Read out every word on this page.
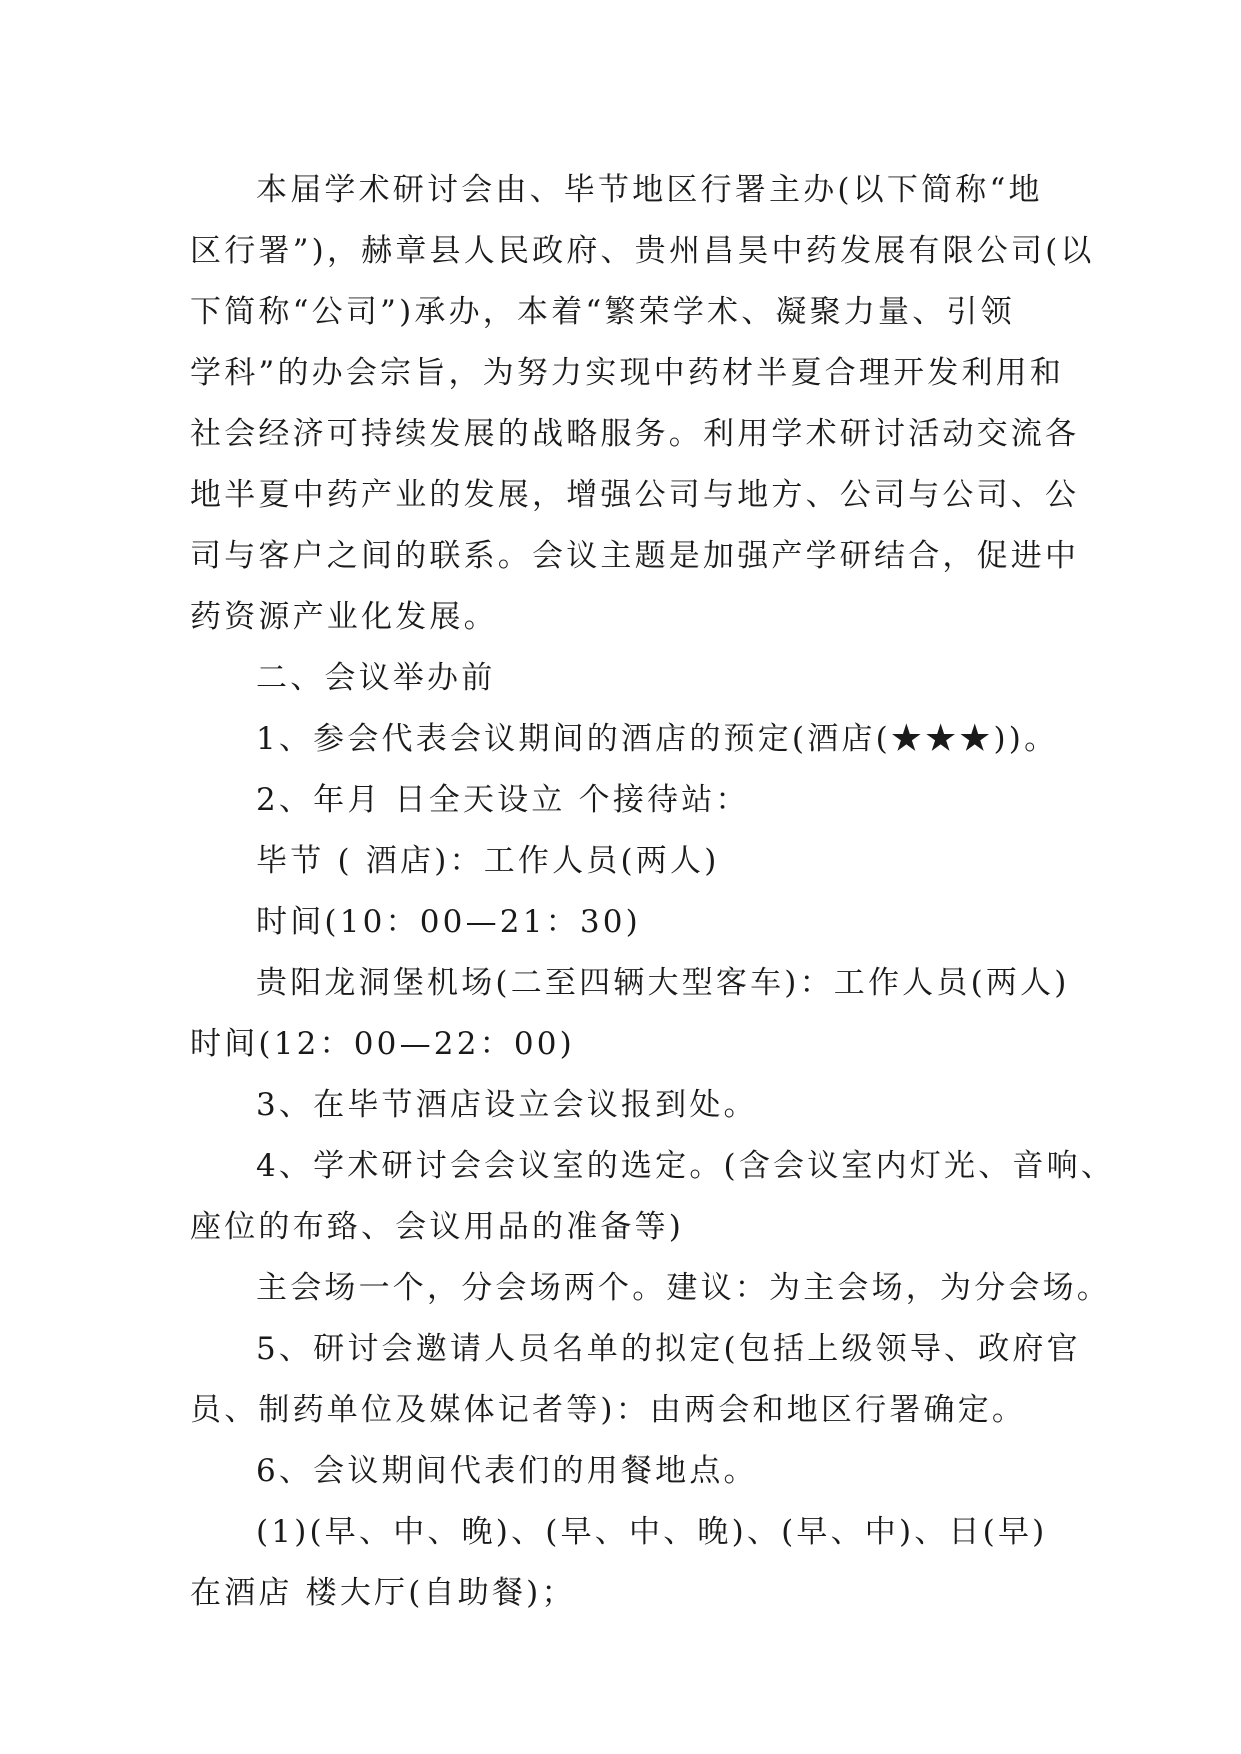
本届学术研讨会由、毕节地区行署主办(以下简称“地
区行署”)，赫章县人民政府、贵州昌昊中药发展有限公司(以
下简称“公司”)承办，本着“繁荣学术、凝聚力量、引领
学科”的办会宗旨，为努力实现中药材半夏合理开发利用和
社会经济可持续发展的战略服务。利用学术研讨活动交流各
地半夏中药产业的发展，增强公司与地方、公司与公司、公
司与客户之间的联系。会议主题是加强产学研结合，促进中
药资源产业化发展。
二、会议举办前
1、参会代表会议期间的酒店的预定(酒店(★★★))。
2、年月 日全天设立 个接待站：
毕节 ( 酒店)：工作人员(两人)
时间(10：00—21：30)
贵阳龙洞堡机场(二至四辆大型客车)：工作人员(两人)
时间(12：00—22：00)
3、在毕节酒店设立会议报到处。
4、学术研讨会会议室的选定。(含会议室内灯光、音响、
座位的布臵、会议用品的准备等)
主会场一个，分会场两个。建议：为主会场，为分会场。
5、研讨会邀请人员名单的拟定(包括上级领导、政府官
员、制药单位及媒体记者等)：由两会和地区行署确定。
6、会议期间代表们的用餐地点。
(1)(早、中、晚)、(早、中、晚)、(早、中)、日(早)
在酒店 楼大厅(自助餐)；
